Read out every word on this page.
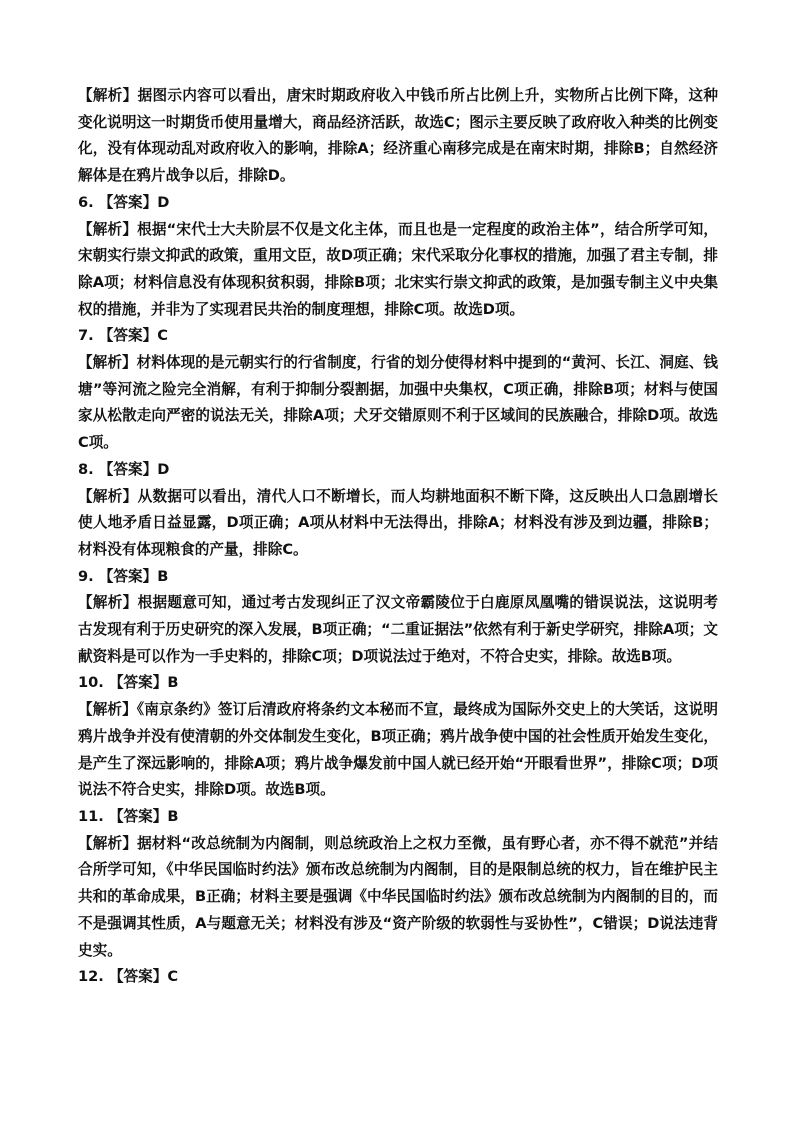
【解析】据图示内容可以看出，唐宋时期政府收入中钱币所占比例上升，实物所占比例下降，这种变化说明这一时期货币使用量增大，商品经济活跃，故选C；图示主要反映了政府收入种类的比例变化，没有体现动乱对政府收入的影响，排除A；经济重心南移完成是在南宋时期，排除B；自然经济解体是在鸦片战争以后，排除D。

6. 【答案】D

【解析】根据“宋代士大夫阶层不仅是文化主体，而且也是一定程度的政治主体”，结合所学可知，宋朝实行崇文抑武的政策，重用文臣，故D项正确；宋代采取分化事权的措施，加强了君主专制，排除A项；材料信息没有体现积贫积弱，排除B项；北宋实行崇文抑武的政策，是加强专制主义中央集权的措施，并非为了实现君民共治的制度理想，排除C项。故选D项。

7. 【答案】C

【解析】材料体现的是元朝实行的行省制度，行省的划分使得材料中提到的“黄河、长江、洞庭、钱塘”等河流之险完全消解，有利于抑制分裂割据，加强中央集权，C项正确，排除B项；材料与使国家从松散走向严密的说法无关，排除A项；犬牙交错原则不利于区域间的民族融合，排除D项。故选C项。

8. 【答案】D

【解析】从数据可以看出，清代人口不断增长，而人均耕地面积不断下降，这反映出人口急剧增长使人地矛盾日益显露，D项正确；A项从材料中无法得出，排除A；材料没有涉及到边疆，排除B；材料没有体现粮食的产量，排除C。

9. 【答案】B

【解析】根据题意可知，通过考古发现纠正了汉文帝霸陵位于白鹿原凤凰嘴的错误说法，这说明考古发现有利于历史研究的深入发展，B项正确；“二重证据法”依然有利于新史学研究，排除A项；文献资料是可以作为一手史料的，排除C项；D项说法过于绝对，不符合史实，排除。故选B项。

10. 【答案】B

【解析】《南京条约》签订后清政府将条约文本秘而不宣，最终成为国际外交史上的大笑话，这说明鸦片战争并没有使清朝的外交体制发生变化，B项正确；鸦片战争使中国的社会性质开始发生变化，是产生了深远影响的，排除A项；鸦片战争爆发前中国人就已经开始“开眼看世界”，排除C项；D项说法不符合史实，排除D项。故选B项。

11. 【答案】B

【解析】据材料“改总统制为内阁制，则总统政治上之权力至微，虽有野心者，亦不得不就范”并结合所学可知，《中华民国临时约法》颁布改总统制为内阁制，目的是限制总统的权力，旨在维护民主共和的革命成果，B正确；材料主要是强调《中华民国临时约法》颁布改总统制为内阁制的目的，而不是强调其性质，A与题意无关；材料没有涉及“资产阶级的软弱性与妥协性”，C错误；D说法违背史实。

12. 【答案】C
